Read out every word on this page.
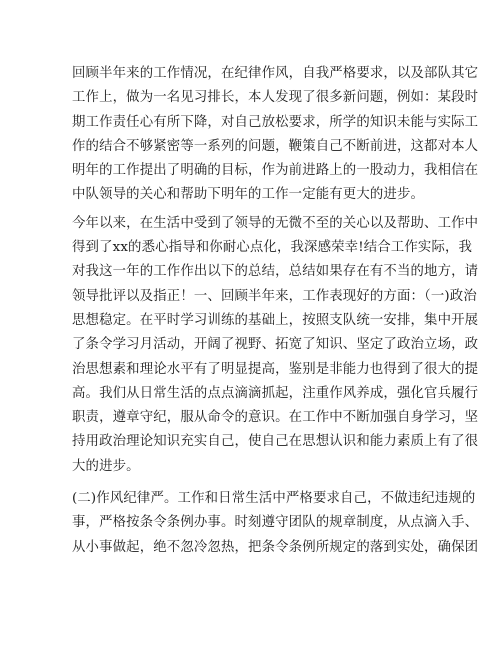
回顾半年来的工作情况，在纪律作风，自我严格要求，以及部队其它
工作上，做为一名见习排长，本人发现了很多新问题，例如：某段时
期工作责任心有所下降，对自己放松要求，所学的知识未能与实际工
作的结合不够紧密等一系列的问题，鞭策自己不断前进，这都对本人
明年的工作提出了明确的目标，作为前进路上的一股动力，我相信在
中队领导的关心和帮助下明年的工作一定能有更大的进步。
今年以来，在生活中受到了领导的无微不至的关心以及帮助、工作中
得到了xx的悉心指导和你耐心点化，我深感荣幸!结合工作实际，我
对我这一年的工作作出以下的总结，总结如果存在有不当的地方，请
领导批评以及指正！一、回顾半年来，工作表现好的方面：（一)政治
思想稳定。在平时学习训练的基础上，按照支队统一安排，集中开展
了条令学习月活动，开阔了视野、拓宽了知识、坚定了政治立场，政
治思想素和理论水平有了明显提高，鉴别是非能力也得到了很大的提
高。我们从日常生活的点点滴滴抓起，注重作风养成，强化官兵履行
职责，遵章守纪，服从命令的意识。在工作中不断加强自身学习，坚
持用政治理论知识充实自己，使自己在思想认识和能力素质上有了很
大的进步。
(二)作风纪律严。工作和日常生活中严格要求自己，不做违纪违规的
事，严格按条令条例办事。时刻遵守团队的规章制度，从点滴入手、
从小事做起，绝不忽冷忽热，把条令条例所规定的落到实处，确保团
